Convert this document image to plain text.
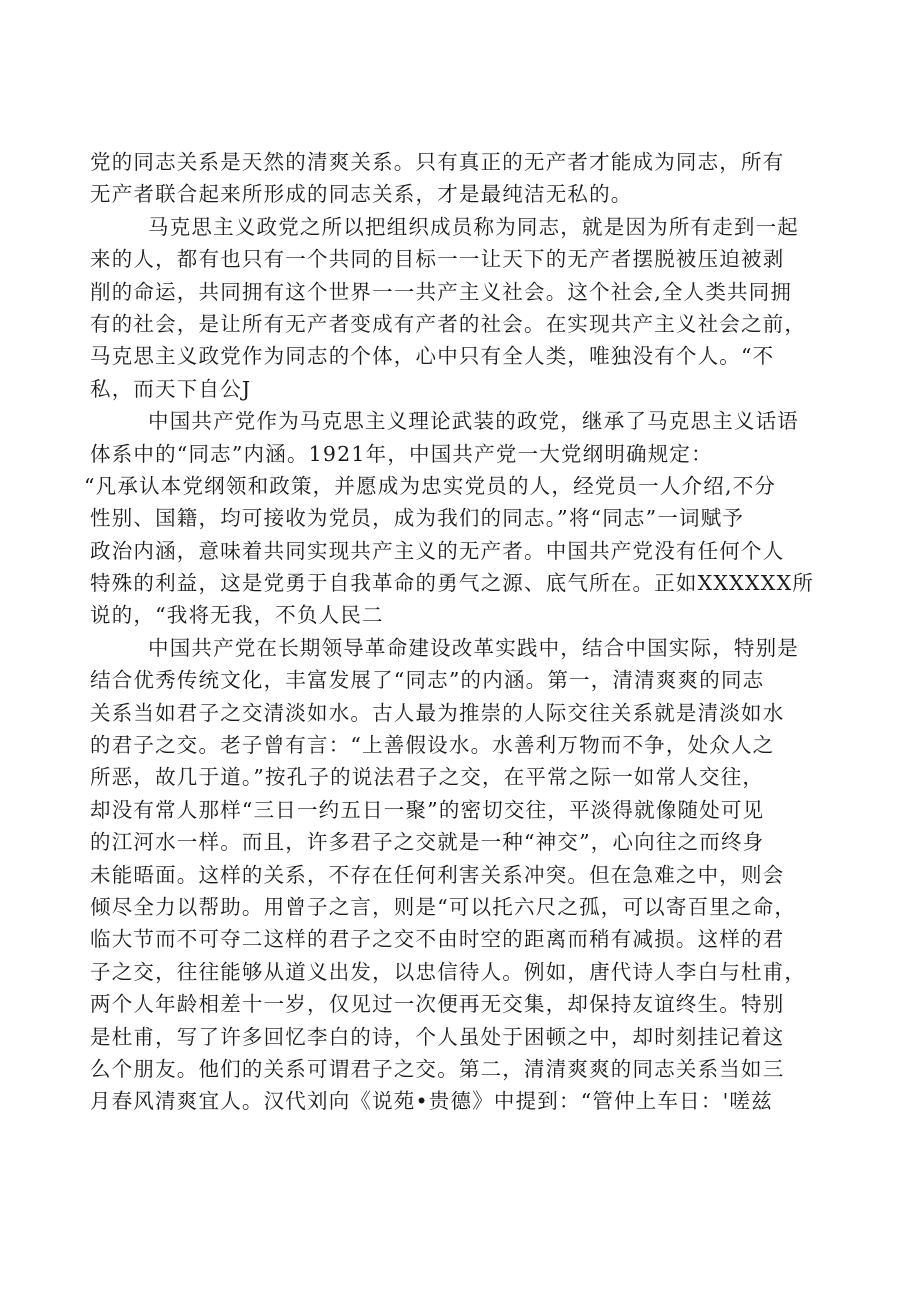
党的同志关系是天然的清爽关系。只有真正的无产者才能成为同志，所有
无产者联合起来所形成的同志关系，才是最纯洁无私的。
马克思主义政党之所以把组织成员称为同志，就是因为所有走到一起
来的人，都有也只有一个共同的目标一一让天下的无产者摆脱被压迫被剥
削的命运，共同拥有这个世界一一共产主义社会。这个社会,全人类共同拥
有的社会，是让所有无产者变成有产者的社会。在实现共产主义社会之前，
马克思主义政党作为同志的个体，心中只有全人类，唯独没有个人。“不
私，而天下自公J
中国共产党作为马克思主义理论武装的政党，继承了马克思主义话语
体系中的“同志”内涵。1921年，中国共产党一大党纲明确规定：
“凡承认本党纲领和政策，并愿成为忠实党员的人，经党员一人介绍,不分
性别、国籍，均可接收为党员，成为我们的同志。”将“同志”一词赋予
政治内涵，意味着共同实现共产主义的无产者。中国共产党没有任何个人
特殊的利益，这是党勇于自我革命的勇气之源、底气所在。正如XXXXXX所
说的，“我将无我，不负人民二
中国共产党在长期领导革命建设改革实践中，结合中国实际，特别是
结合优秀传统文化，丰富发展了“同志”的内涵。第一，清清爽爽的同志
关系当如君子之交清淡如水。古人最为推崇的人际交往关系就是清淡如水
的君子之交。老子曾有言：“上善假设水。水善利万物而不争，处众人之
所恶，故几于道。”按孔子的说法君子之交，在平常之际一如常人交往，
却没有常人那样“三日一约五日一聚”的密切交往，平淡得就像随处可见
的江河水一样。而且，许多君子之交就是一种“神交”，心向往之而终身
未能晤面。这样的关系，不存在任何利害关系冲突。但在急难之中，则会
倾尽全力以帮助。用曾子之言，则是“可以托六尺之孤，可以寄百里之命，
临大节而不可夺二这样的君子之交不由时空的距离而稍有减损。这样的君
子之交，往往能够从道义出发，以忠信待人。例如，唐代诗人李白与杜甫，
两个人年龄相差十一岁，仅见过一次便再无交集，却保持友谊终生。特别
是杜甫，写了许多回忆李白的诗，个人虽处于困顿之中，却时刻挂记着这
么个朋友。他们的关系可谓君子之交。第二，清清爽爽的同志关系当如三
月春风清爽宜人。汉代刘向《说苑•贵德》中提到：“管仲上车日：'嗟兹
